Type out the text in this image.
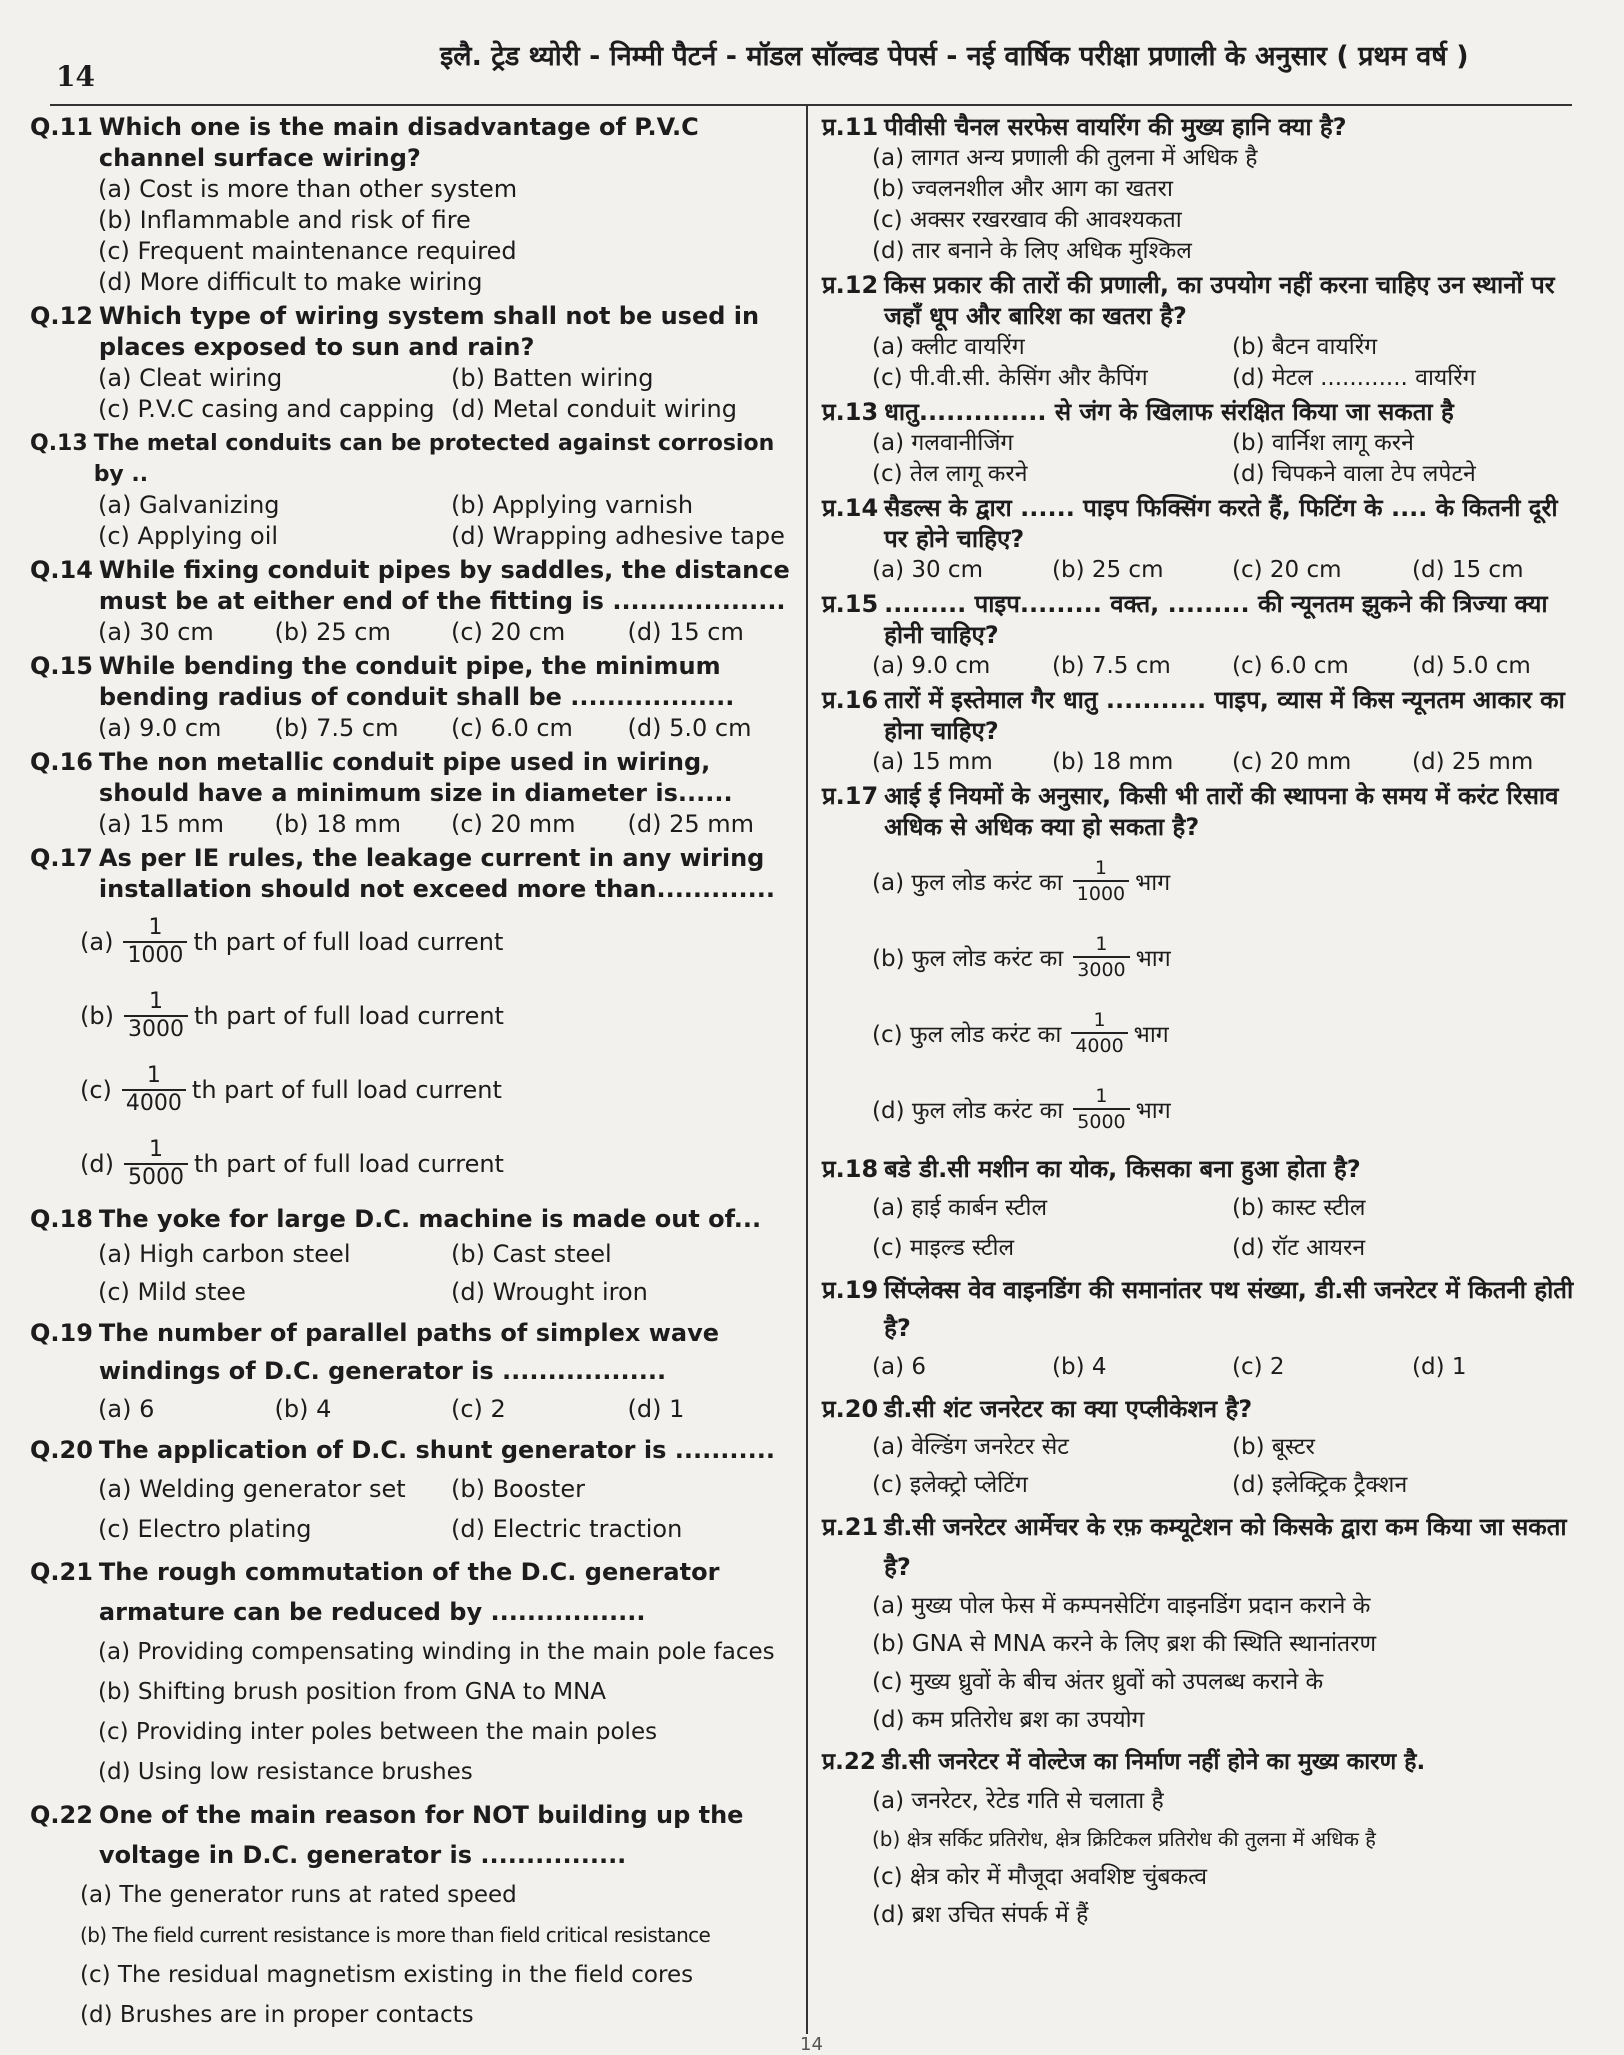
14
इलै. ट्रेड थ्योरी - निम्मी पैटर्न - मॉडल सॉल्वड पेपर्स - नई वार्षिक परीक्षा प्रणाली के अनुसार ( प्रथम वर्ष )
Q.11 Which one is the main disadvantage of P.V.C channel surface wiring?
(a) Cost is more than other system
(b) Inflammable and risk of fire
(c) Frequent maintenance required
(d) More difficult to make wiring
Q.12 Which type of wiring system shall not be used in places exposed to sun and rain?
(a) Cleat wiring	(b) Batten wiring
(c) P.V.C casing and capping (d) Metal conduit wiring
Q.13 The metal conduits can be protected against corrosion by ..
(a) Galvanizing	(b) Applying varnish
(c) Applying oil	(d) Wrapping adhesive tape
Q.14 While fixing conduit pipes by saddles, the distance must be at either end of the fitting is ...................
(a) 30 cm	(b) 25 cm	(c) 20 cm	(d) 15 cm
Q.15 While bending the conduit pipe, the minimum bending radius of conduit shall be ..................
(a) 9.0 cm	(b) 7.5 cm	(c) 6.0 cm	(d) 5.0 cm
Q.16 The non metallic conduit pipe used in wiring, should have a minimum size in diameter is......
(a) 15 mm	(b) 18 mm	(c) 20 mm	(d) 25 mm
Q.17 As per IE rules, the leakage current in any wiring installation should not exceed more than.............
$(a) \frac{1}{1000}$ th part of full load current
$(b) \frac{1}{3000}$ th part of full load current
$(c) \frac{1}{4000}$ th part of full load current
$(d) \frac{1}{5000}$ th part of full load current
Q.18 The yoke for large D.C. machine is made out of...
(a) High carbon steel	(b) Cast steel
(c) Mild stee	(d) Wrought iron
Q.19 The number of parallel paths of simplex wave windings of D.C. generator is ..................
(a) 6	(b) 4	(c) 2	(d) 1
Q.20 The application of D.C. shunt generator is ...........
(a) Welding generator set	(b) Booster
(c) Electro plating	(d) Electric traction
Q.21 The rough commutation of the D.C. generator armature can be reduced by .................
(a) Providing compensating winding in the main pole faces
(b) Shifting brush position from GNA to MNA
(c) Providing inter poles between the main poles
(d) Using low resistance brushes
Q.22 One of the main reason for NOT building up the voltage in D.C. generator is ................
(a) The generator runs at rated speed
(b) The field current resistance is more than field critical resistance
(c) The residual magnetism existing in the field cores
(d) Brushes are in proper contacts
प्र.11 पीवीसी चैनल सरफेस वायरिंग की मुख्य हानि क्या है?
(a) लागत अन्य प्रणाली की तुलना में अधिक है
(b) ज्वलनशील और आग का खतरा
(c) अक्सर रखरखाव की आवश्यकता
(d) तार बनाने के लिए अधिक मुश्किल
प्र.12 किस प्रकार की तारों की प्रणाली, का उपयोग नहीं करना चाहिए उन स्थानों पर जहाँ धूप और बारिश का खतरा है?
(a) क्लीट वायरिंग	(b) बैटन वायरिंग
(c) पी.वी.सी. केसिंग और कैपिंग	(d) मेटल ............ वायरिंग
प्र.13 धातु.............. से जंग के खिलाफ संरक्षित किया जा सकता है
(a) गलवानीजिंग	(b) वार्निश लागू करने
(c) तेल लागू करने	(d) चिपकने वाला टेप लपेटने
प्र.14 सैडल्स के द्वारा ...... पाइप फिक्सिंग करते हैं, फिटिंग के .... के कितनी दूरी पर होने चाहिए?
(a) 30 cm	(b) 25 cm	(c) 20 cm	(d) 15 cm
प्र.15 ......... पाइप......... वक्त, ......... की न्यूनतम झुकने की त्रिज्या क्या होनी चाहिए?
(a) 9.0 cm	(b) 7.5 cm	(c) 6.0 cm	(d) 5.0 cm
प्र.16 तारों में इस्तेमाल गैर धातु ........... पाइप, व्यास में किस न्यूनतम आकार का होना चाहिए?
(a) 15 mm	(b) 18 mm	(c) 20 mm	(d) 25 mm
प्र.17 आई ई नियमों के अनुसार, किसी भी तारों की स्थापना के समय में करंट रिसाव अधिक से अधिक क्या हो सकता है?
(a) फुल लोड करंट का $\frac{1}{1000}$ भाग
(b) फुल लोड करंट का $\frac{1}{3000}$ भाग
(c) फुल लोड करंट का $\frac{1}{4000}$ भाग
(d) फुल लोड करंट का $\frac{1}{5000}$ भाग
प्र.18 बडे डी.सी मशीन का योक, किसका बना हुआ होता है?
(a) हाई कार्बन स्टील	(b) कास्ट स्टील
(c) माइल्ड स्टील	(d) रॉट आयरन
प्र.19 सिंप्लेक्स वेव वाइनडिंग की समानांतर पथ संख्या, डी.सी जनरेटर में कितनी होती है?
(a) 6	(b) 4	(c) 2	(d) 1
प्र.20 डी.सी शंट जनरेटर का क्या एप्लीकेशन है?
(a) वेल्डिंग जनरेटर सेट	(b) बूस्टर
(c) इलेक्ट्रो प्लेटिंग	(d) इलेक्ट्रिक ट्रैक्शन
प्र.21 डी.सी जनरेटर आर्मेचर के रफ़ कम्यूटेशन को किसके द्वारा कम किया जा सकता है?
(a) मुख्य पोल फेस में कम्पनसेटिंग वाइनडिंग प्रदान कराने के
(b) GNA से MNA करने के लिए ब्रश की स्थिति स्थानांतरण
(c) मुख्य ध्रुवों के बीच अंतर ध्रुवों को उपलब्ध कराने के
(d) कम प्रतिरोध ब्रश का उपयोग
प्र.22 डी.सी जनरेटर में वोल्टेज का निर्माण नहीं होने का मुख्य कारण है.
(a) जनरेटर, रेटेड गति से चलाता है
(b) क्षेत्र सर्किट प्रतिरोध, क्षेत्र क्रिटिकल प्रतिरोध की तुलना में अधिक है
(c) क्षेत्र कोर में मौजूदा अवशिष्ट चुंबकत्व
(d) ब्रश उचित संपर्क में हैं
14
